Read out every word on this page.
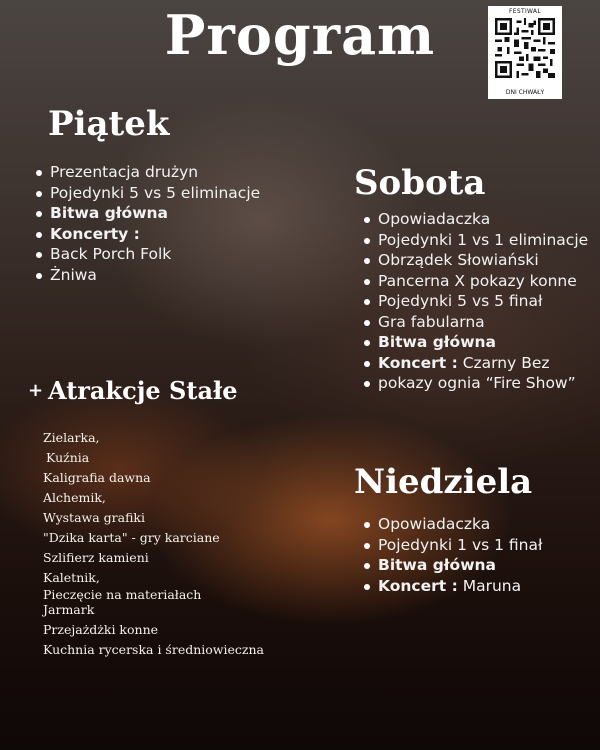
Program	FESTIWAL
DNI CHWAŁY
Piątek
Prezentacja drużyn
Pojedynki 5 vs 5 eliminacje
Bitwa główna
Koncerty :
Back Porch Folk
Żniwa
Sobota
Opowiadaczka
Pojedynki 1 vs 1 eliminacje
Obrządek Słowiański
Pancerna X pokazy konne
Pojedynki 5 vs 5 finał
Gra fabularna
Bitwa główna
Koncert : Czarny Bez
pokazy ognia “Fire Show”
Niedziela
Opowiadaczka
Pojedynki 1 vs 1 finał
Bitwa główna
Koncert : Maruna
+ Atrakcje Stałe
Zielarka,
Kuźnia
Kaligrafia dawna
Alchemik,
Wystawa grafiki
"Dzika karta" - gry karciane
Szlifierz kamieni
Kaletnik,
Pieczęcie na materiałach
Jarmark
Przejażdżki konne
Kuchnia rycerska i średniowieczna
